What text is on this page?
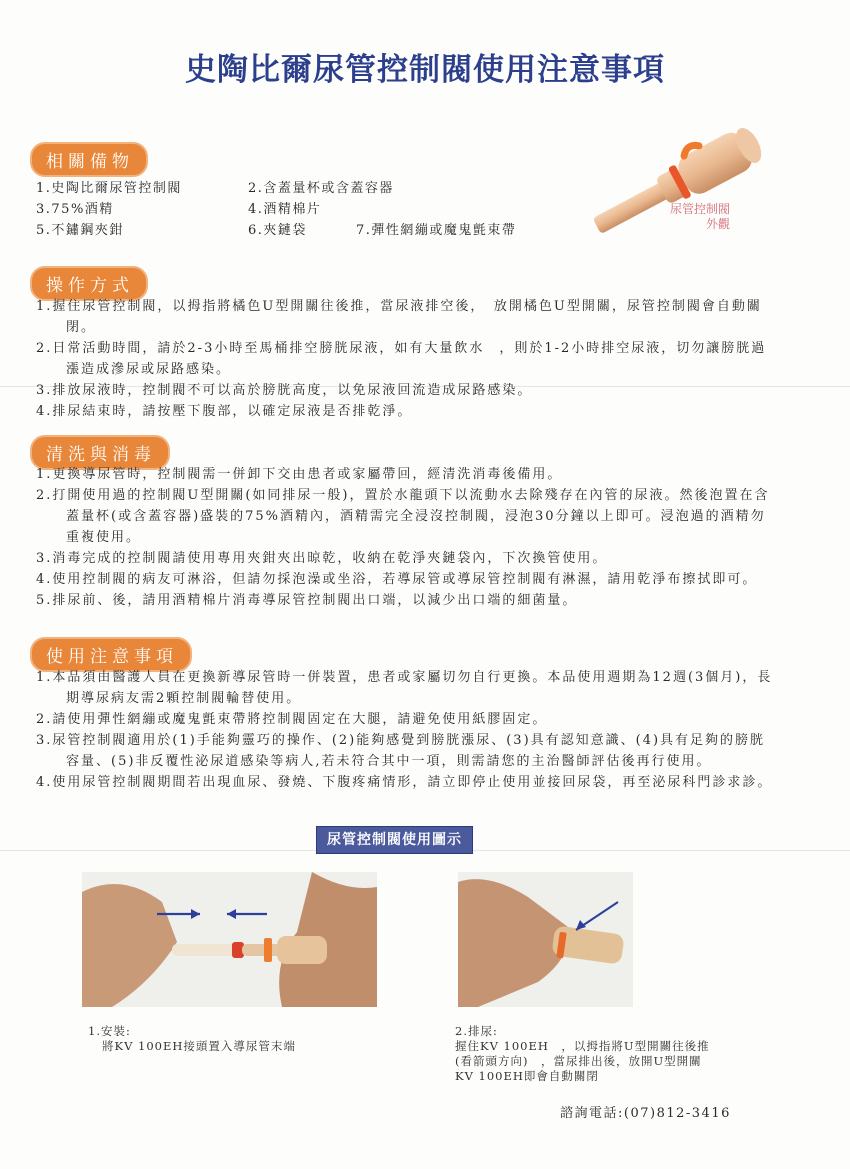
史陶比爾尿管控制閥使用注意事項
相關備物
1.史陶比爾尿管控制閥	2.含蓋量杯或含蓋容器
3.75%酒精	4.酒精棉片
5.不鏽鋼夾鉗	6.夾鏈袋	7.彈性網繃或魔鬼氈束帶
尿管控制閥
外觀
操作方式
1.握住尿管控制閥，以拇指將橘色U型開關往後推，當尿液排空後，　放開橘色U型開關，尿管控制閥會自動關閉。
2.日常活動時間，請於2-3小時至馬桶排空膀胱尿液，如有大量飲水　，則於1-2小時排空尿液，切勿讓膀胱過漲造成滲尿或尿路感染。
3.排放尿液時，控制閥不可以高於膀胱高度，以免尿液回流造成尿路感染。
4.排尿結束時，請按壓下腹部，以確定尿液是否排乾淨。
清洗與消毒
1.更換導尿管時，控制閥需一併卸下交由患者或家屬帶回，經清洗消毒後備用。
2.打開使用過的控制閥U型開關(如同排尿一般)，置於水龍頭下以流動水去除殘存在內管的尿液。然後泡置在含蓋量杯(或含蓋容器)盛裝的75%酒精內，酒精需完全浸沒控制閥，浸泡30分鐘以上即可。浸泡過的酒精勿重複使用。
3.消毒完成的控制閥請使用專用夾鉗夾出晾乾，收納在乾淨夾鏈袋內，下次換管使用。
4.使用控制閥的病友可淋浴，但請勿採泡澡或坐浴，若導尿管或導尿管控制閥有淋濕，請用乾淨布擦拭即可。
5.排尿前、後，請用酒精棉片消毒導尿管控制閥出口端，以減少出口端的細菌量。
使用注意事項
1.本品須由醫護人員在更換新導尿管時一併裝置，患者或家屬切勿自行更換。本品使用週期為12週(3個月)，長期導尿病友需2顆控制閥輪替使用。
2.請使用彈性網繃或魔鬼氈束帶將控制閥固定在大腿，請避免使用紙膠固定。
3.尿管控制閥適用於(1)手能夠靈巧的操作、(2)能夠感覺到膀胱漲尿、(3)具有認知意識、(4)具有足夠的膀胱容量、(5)非反覆性泌尿道感染等病人,若未符合其中一項，則需請您的主治醫師評估後再行使用。
4.使用尿管控制閥期間若出現血尿、發燒、下腹疼痛情形，請立即停止使用並接回尿袋，再至泌尿科門診求診。
尿管控制閥使用圖示
1.安裝:
將KV 100EH接頭置入導尿管末端
2.排尿:
握住KV 100EH　，以拇指將U型開關往後推
(看箭頭方向)　，當尿排出後，放開U型開關
KV 100EH即會自動關閉
諮詢電話:(07)812-3416
